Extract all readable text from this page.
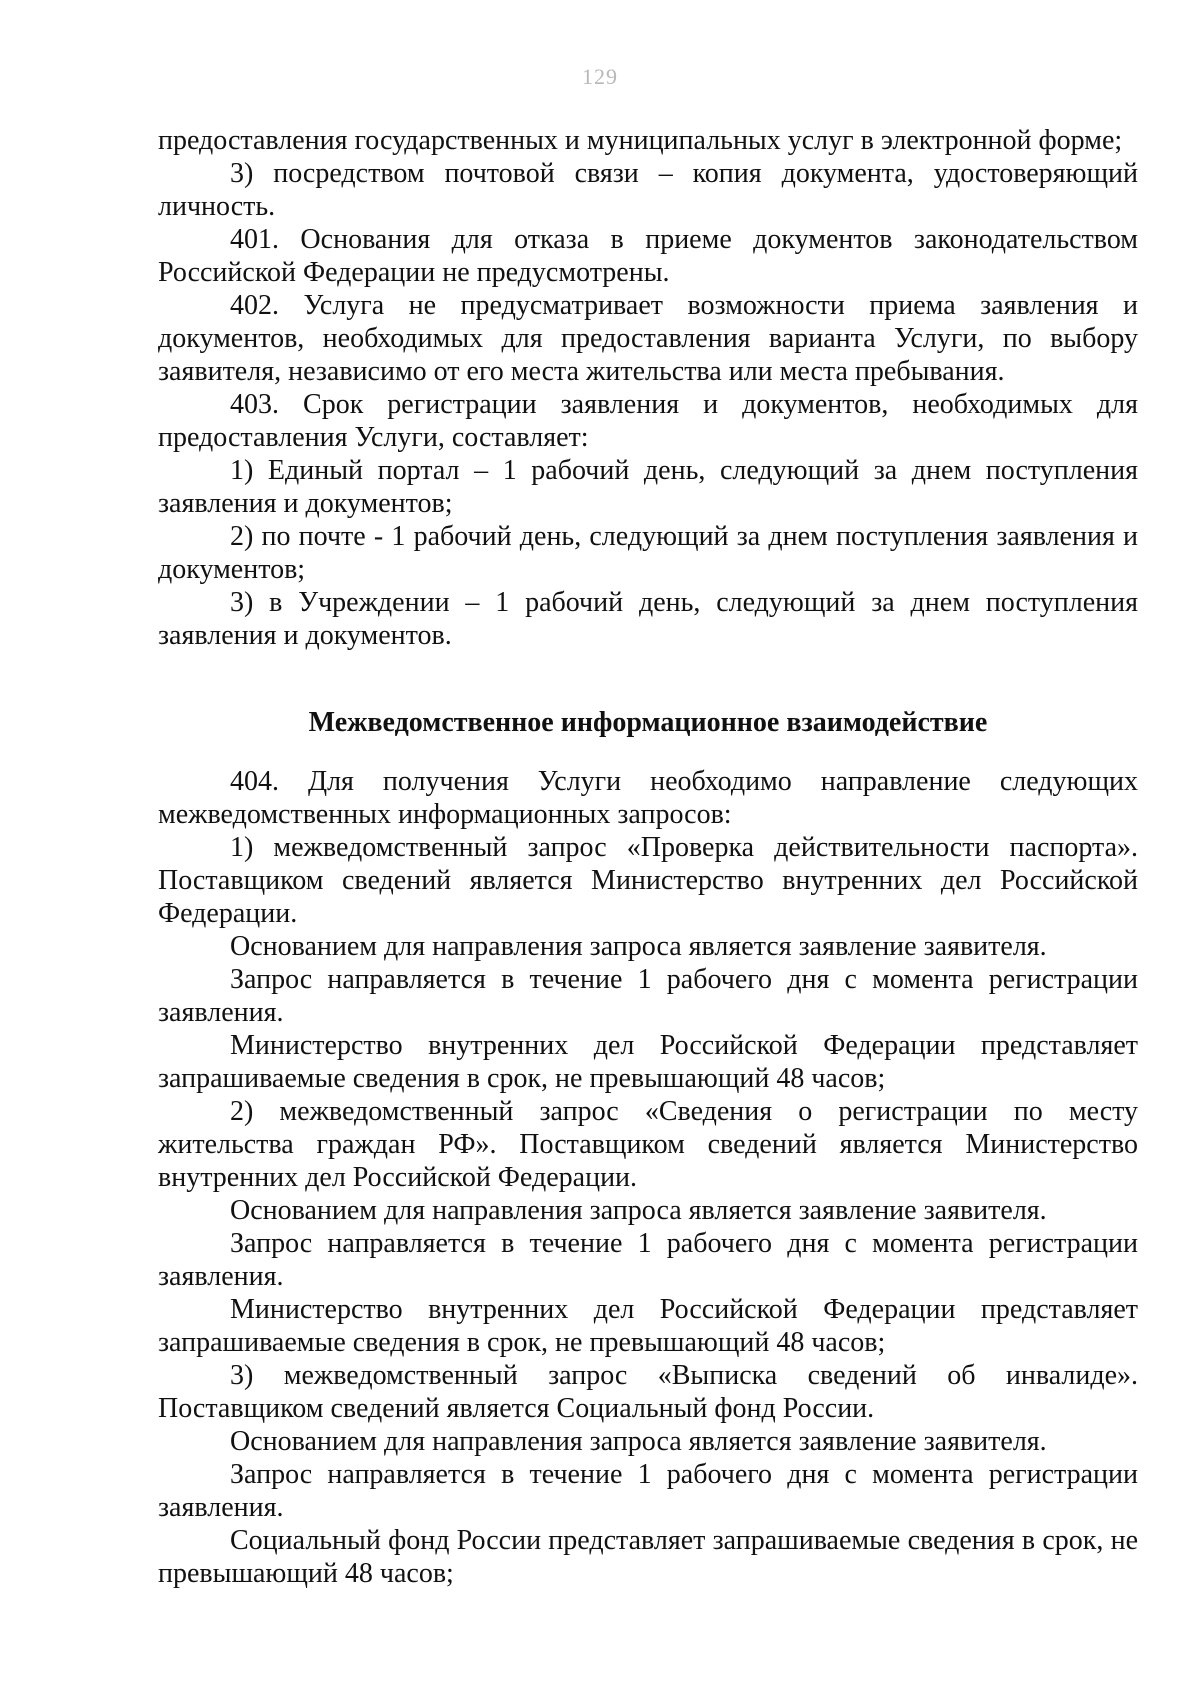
129

предоставления государственных и муниципальных услуг в электронной форме;

3) посредством почтовой связи – копия документа, удостоверяющий личность.

401. Основания для отказа в приеме документов законодательством Российской Федерации не предусмотрены.

402. Услуга не предусматривает возможности приема заявления и документов, необходимых для предоставления варианта Услуги, по выбору заявителя, независимо от его места жительства или места пребывания.

403. Срок регистрации заявления и документов, необходимых для предоставления Услуги, составляет:

1) Единый портал – 1 рабочий день, следующий за днем поступления заявления и документов;

2) по почте - 1 рабочий день, следующий за днем поступления заявления и документов;

3) в Учреждении – 1 рабочий день, следующий за днем поступления заявления и документов.

Межведомственное информационное взаимодействие

404. Для получения Услуги необходимо направление следующих межведомственных информационных запросов:

1) межведомственный запрос «Проверка действительности паспорта». Поставщиком сведений является Министерство внутренних дел Российской Федерации.

Основанием для направления запроса является заявление заявителя.

Запрос направляется в течение 1 рабочего дня с момента регистрации заявления.

Министерство внутренних дел Российской Федерации представляет запрашиваемые сведения в срок, не превышающий 48 часов;

2) межведомственный запрос «Сведения о регистрации по месту жительства граждан РФ». Поставщиком сведений является Министерство внутренних дел Российской Федерации.

Основанием для направления запроса является заявление заявителя.

Запрос направляется в течение 1 рабочего дня с момента регистрации заявления.

Министерство внутренних дел Российской Федерации представляет запрашиваемые сведения в срок, не превышающий 48 часов;

3) межведомственный запрос «Выписка сведений об инвалиде». Поставщиком сведений является Социальный фонд России.

Основанием для направления запроса является заявление заявителя.

Запрос направляется в течение 1 рабочего дня с момента регистрации заявления.

Социальный фонд России представляет запрашиваемые сведения в срок, не превышающий 48 часов;
